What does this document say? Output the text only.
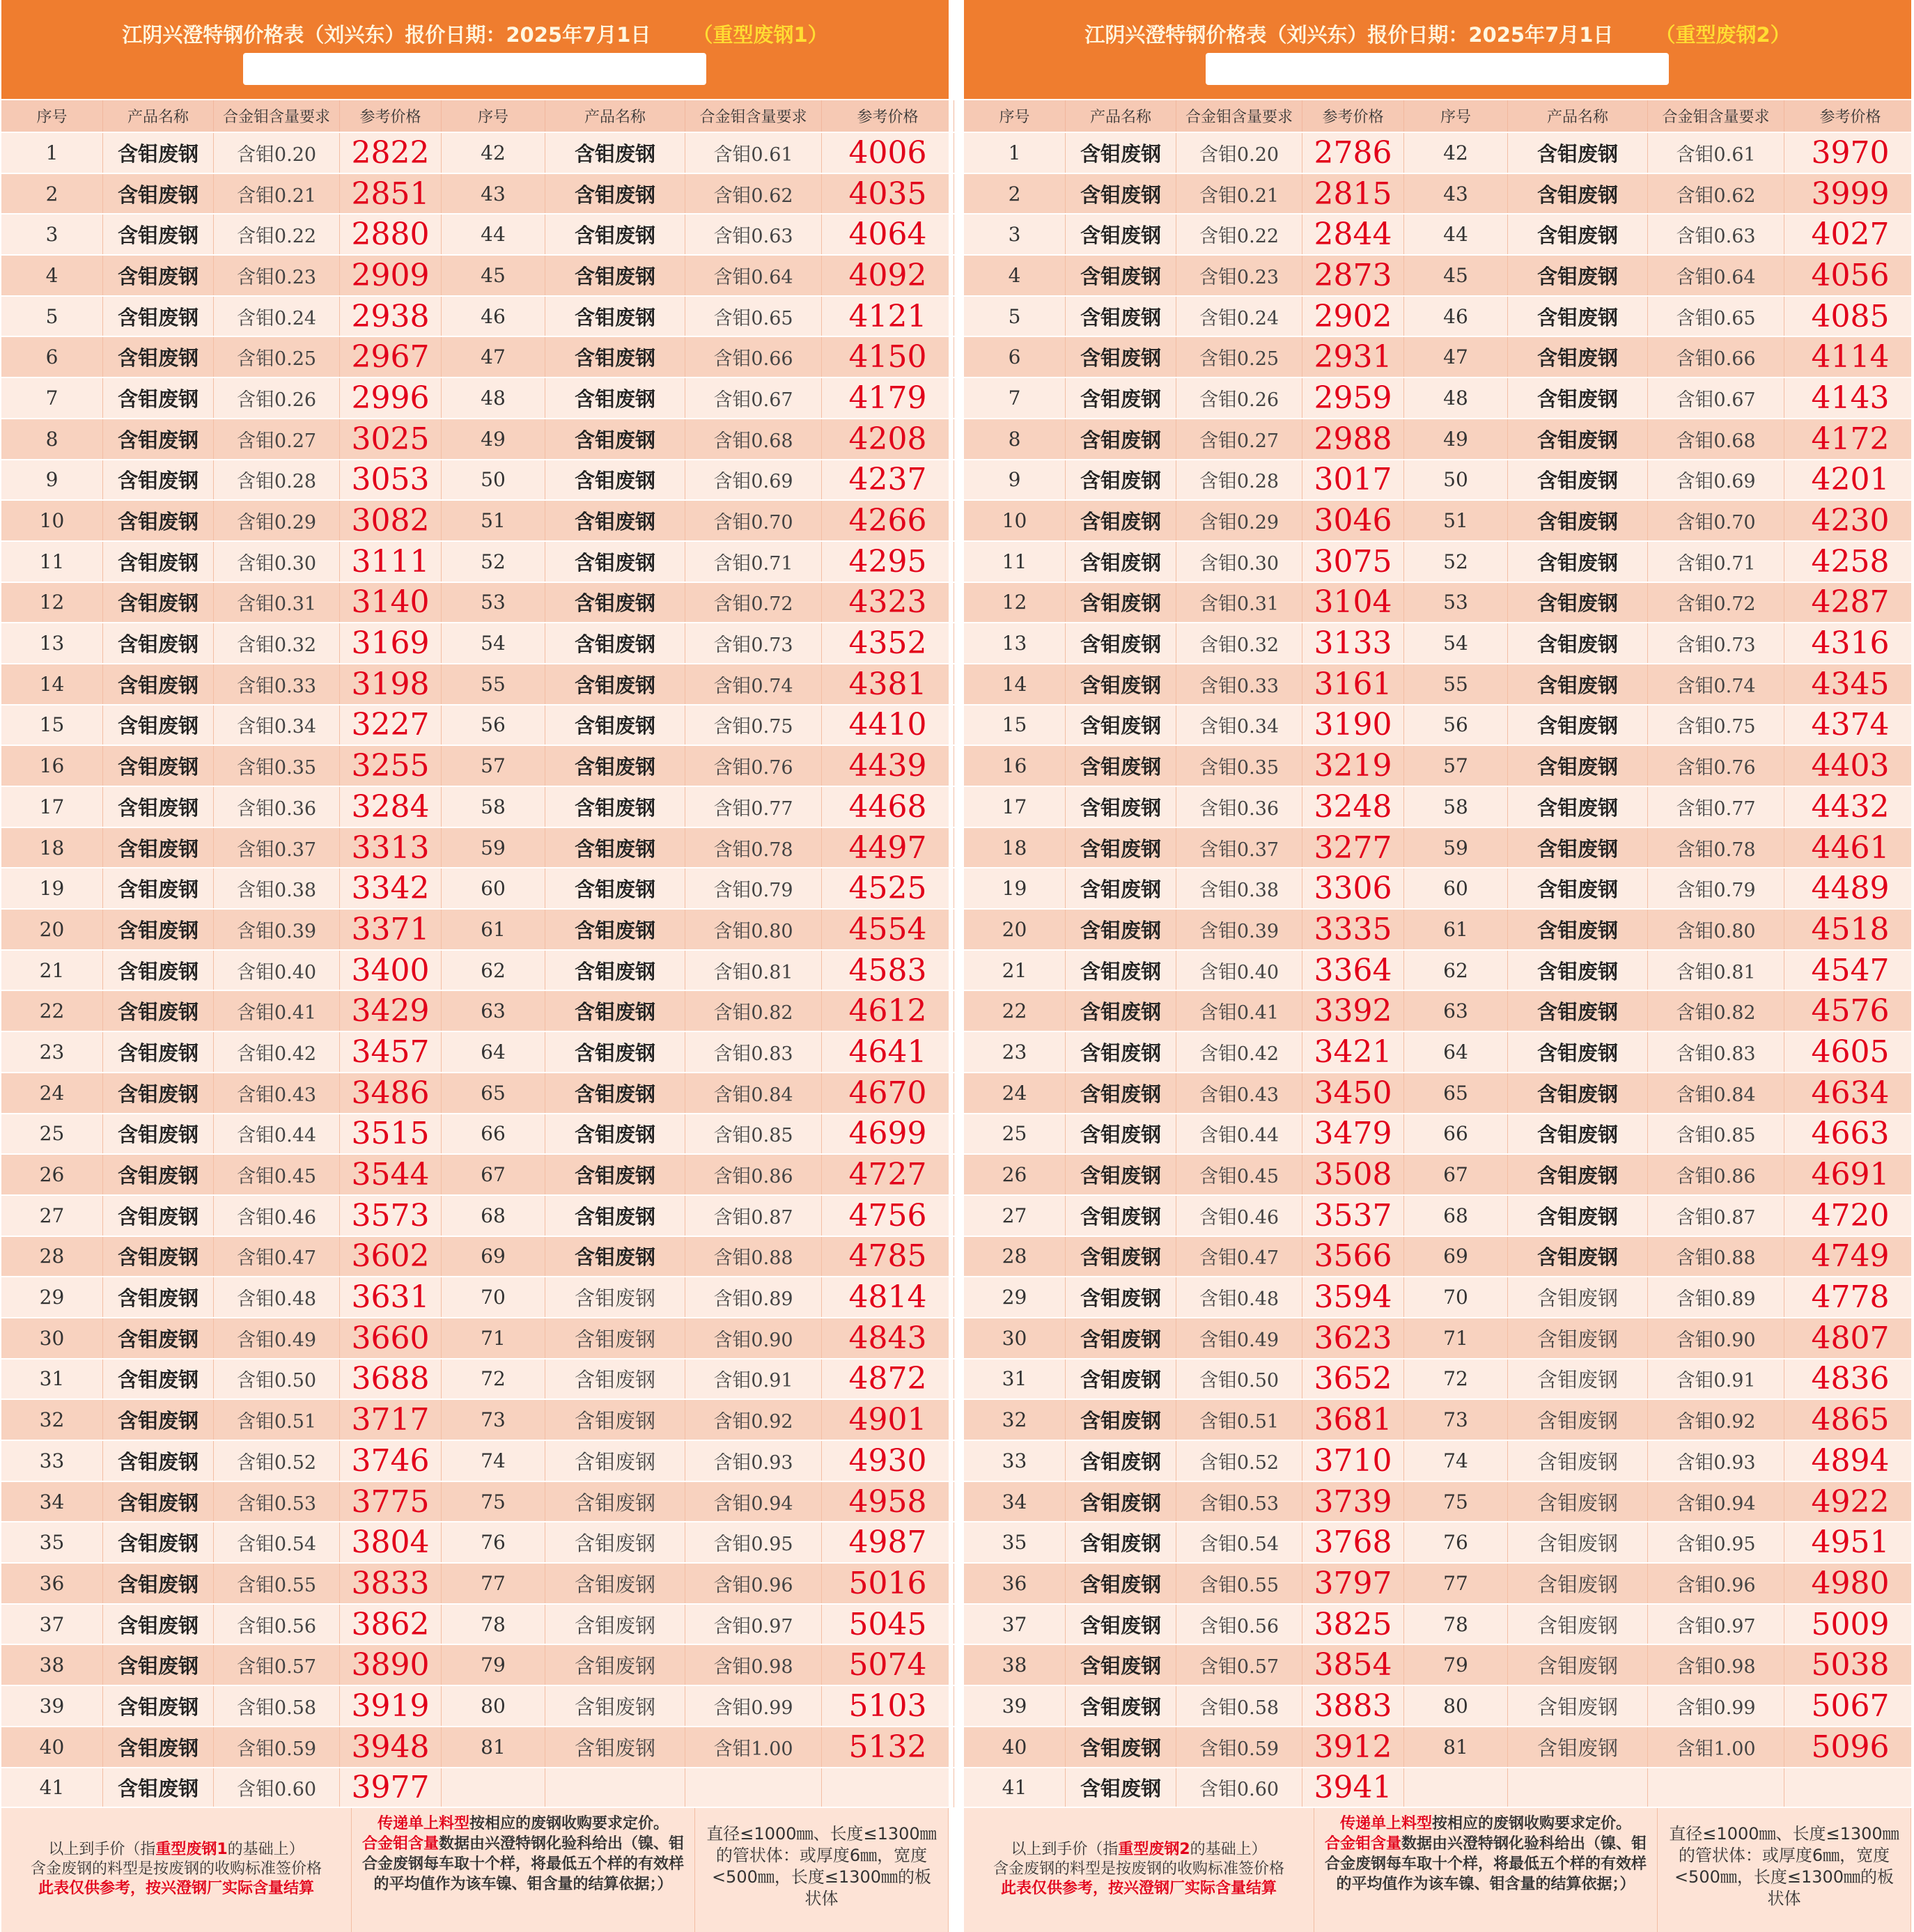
江阴兴澄特钢价格表（刘兴东）报价日期：2025年7月1日 （重型废钢1）
序号	产品名称	合金钼含量要求	参考价格	序号	产品名称	合金钼含量要求	参考价格
1	含钼废钢	含钼0.20	2822	42	含钼废钢	含钼0.61	4006
2	含钼废钢	含钼0.21	2851	43	含钼废钢	含钼0.62	4035
3	含钼废钢	含钼0.22	2880	44	含钼废钢	含钼0.63	4064
4	含钼废钢	含钼0.23	2909	45	含钼废钢	含钼0.64	4092
5	含钼废钢	含钼0.24	2938	46	含钼废钢	含钼0.65	4121
6	含钼废钢	含钼0.25	2967	47	含钼废钢	含钼0.66	4150
7	含钼废钢	含钼0.26	2996	48	含钼废钢	含钼0.67	4179
8	含钼废钢	含钼0.27	3025	49	含钼废钢	含钼0.68	4208
9	含钼废钢	含钼0.28	3053	50	含钼废钢	含钼0.69	4237
10	含钼废钢	含钼0.29	3082	51	含钼废钢	含钼0.70	4266
11	含钼废钢	含钼0.30	3111	52	含钼废钢	含钼0.71	4295
12	含钼废钢	含钼0.31	3140	53	含钼废钢	含钼0.72	4323
13	含钼废钢	含钼0.32	3169	54	含钼废钢	含钼0.73	4352
14	含钼废钢	含钼0.33	3198	55	含钼废钢	含钼0.74	4381
15	含钼废钢	含钼0.34	3227	56	含钼废钢	含钼0.75	4410
16	含钼废钢	含钼0.35	3255	57	含钼废钢	含钼0.76	4439
17	含钼废钢	含钼0.36	3284	58	含钼废钢	含钼0.77	4468
18	含钼废钢	含钼0.37	3313	59	含钼废钢	含钼0.78	4497
19	含钼废钢	含钼0.38	3342	60	含钼废钢	含钼0.79	4525
20	含钼废钢	含钼0.39	3371	61	含钼废钢	含钼0.80	4554
21	含钼废钢	含钼0.40	3400	62	含钼废钢	含钼0.81	4583
22	含钼废钢	含钼0.41	3429	63	含钼废钢	含钼0.82	4612
23	含钼废钢	含钼0.42	3457	64	含钼废钢	含钼0.83	4641
24	含钼废钢	含钼0.43	3486	65	含钼废钢	含钼0.84	4670
25	含钼废钢	含钼0.44	3515	66	含钼废钢	含钼0.85	4699
26	含钼废钢	含钼0.45	3544	67	含钼废钢	含钼0.86	4727
27	含钼废钢	含钼0.46	3573	68	含钼废钢	含钼0.87	4756
28	含钼废钢	含钼0.47	3602	69	含钼废钢	含钼0.88	4785
29	含钼废钢	含钼0.48	3631	70	含钼废钢	含钼0.89	4814
30	含钼废钢	含钼0.49	3660	71	含钼废钢	含钼0.90	4843
31	含钼废钢	含钼0.50	3688	72	含钼废钢	含钼0.91	4872
32	含钼废钢	含钼0.51	3717	73	含钼废钢	含钼0.92	4901
33	含钼废钢	含钼0.52	3746	74	含钼废钢	含钼0.93	4930
34	含钼废钢	含钼0.53	3775	75	含钼废钢	含钼0.94	4958
35	含钼废钢	含钼0.54	3804	76	含钼废钢	含钼0.95	4987
36	含钼废钢	含钼0.55	3833	77	含钼废钢	含钼0.96	5016
37	含钼废钢	含钼0.56	3862	78	含钼废钢	含钼0.97	5045
38	含钼废钢	含钼0.57	3890	79	含钼废钢	含钼0.98	5074
39	含钼废钢	含钼0.58	3919	80	含钼废钢	含钼0.99	5103
40	含钼废钢	含钼0.59	3948	81	含钼废钢	含钼1.00	5132
41	含钼废钢	含钼0.60	3977
以上到手价（指重型废钢1的基础上）
含金废钢的料型是按废钢的收购标准签价格
此表仅供参考，按兴澄钢厂实际含量结算
传递单上料型按相应的废钢收购要求定价。
合金钼含量数据由兴澄特钢化验科给出（镍、钼合金废钢每车取十个样，将最低五个样的有效样的平均值作为该车镍、钼含量的结算依据；）
直径≤1000㎜、长度≤1300㎜的管状体：或厚度6㎜，宽度<500㎜，长度≤1300㎜的板状体
江阴兴澄特钢价格表（刘兴东）报价日期：2025年7月1日 （重型废钢2）
序号	产品名称	合金钼含量要求	参考价格	序号	产品名称	合金钼含量要求	参考价格
1	含钼废钢	含钼0.20	2786	42	含钼废钢	含钼0.61	3970
2	含钼废钢	含钼0.21	2815	43	含钼废钢	含钼0.62	3999
3	含钼废钢	含钼0.22	2844	44	含钼废钢	含钼0.63	4027
4	含钼废钢	含钼0.23	2873	45	含钼废钢	含钼0.64	4056
5	含钼废钢	含钼0.24	2902	46	含钼废钢	含钼0.65	4085
6	含钼废钢	含钼0.25	2931	47	含钼废钢	含钼0.66	4114
7	含钼废钢	含钼0.26	2959	48	含钼废钢	含钼0.67	4143
8	含钼废钢	含钼0.27	2988	49	含钼废钢	含钼0.68	4172
9	含钼废钢	含钼0.28	3017	50	含钼废钢	含钼0.69	4201
10	含钼废钢	含钼0.29	3046	51	含钼废钢	含钼0.70	4230
11	含钼废钢	含钼0.30	3075	52	含钼废钢	含钼0.71	4258
12	含钼废钢	含钼0.31	3104	53	含钼废钢	含钼0.72	4287
13	含钼废钢	含钼0.32	3133	54	含钼废钢	含钼0.73	4316
14	含钼废钢	含钼0.33	3161	55	含钼废钢	含钼0.74	4345
15	含钼废钢	含钼0.34	3190	56	含钼废钢	含钼0.75	4374
16	含钼废钢	含钼0.35	3219	57	含钼废钢	含钼0.76	4403
17	含钼废钢	含钼0.36	3248	58	含钼废钢	含钼0.77	4432
18	含钼废钢	含钼0.37	3277	59	含钼废钢	含钼0.78	4461
19	含钼废钢	含钼0.38	3306	60	含钼废钢	含钼0.79	4489
20	含钼废钢	含钼0.39	3335	61	含钼废钢	含钼0.80	4518
21	含钼废钢	含钼0.40	3364	62	含钼废钢	含钼0.81	4547
22	含钼废钢	含钼0.41	3392	63	含钼废钢	含钼0.82	4576
23	含钼废钢	含钼0.42	3421	64	含钼废钢	含钼0.83	4605
24	含钼废钢	含钼0.43	3450	65	含钼废钢	含钼0.84	4634
25	含钼废钢	含钼0.44	3479	66	含钼废钢	含钼0.85	4663
26	含钼废钢	含钼0.45	3508	67	含钼废钢	含钼0.86	4691
27	含钼废钢	含钼0.46	3537	68	含钼废钢	含钼0.87	4720
28	含钼废钢	含钼0.47	3566	69	含钼废钢	含钼0.88	4749
29	含钼废钢	含钼0.48	3594	70	含钼废钢	含钼0.89	4778
30	含钼废钢	含钼0.49	3623	71	含钼废钢	含钼0.90	4807
31	含钼废钢	含钼0.50	3652	72	含钼废钢	含钼0.91	4836
32	含钼废钢	含钼0.51	3681	73	含钼废钢	含钼0.92	4865
33	含钼废钢	含钼0.52	3710	74	含钼废钢	含钼0.93	4894
34	含钼废钢	含钼0.53	3739	75	含钼废钢	含钼0.94	4922
35	含钼废钢	含钼0.54	3768	76	含钼废钢	含钼0.95	4951
36	含钼废钢	含钼0.55	3797	77	含钼废钢	含钼0.96	4980
37	含钼废钢	含钼0.56	3825	78	含钼废钢	含钼0.97	5009
38	含钼废钢	含钼0.57	3854	79	含钼废钢	含钼0.98	5038
39	含钼废钢	含钼0.58	3883	80	含钼废钢	含钼0.99	5067
40	含钼废钢	含钼0.59	3912	81	含钼废钢	含钼1.00	5096
41	含钼废钢	含钼0.60	3941
以上到手价（指重型废钢2的基础上）
含金废钢的料型是按废钢的收购标准签价格
此表仅供参考，按兴澄钢厂实际含量结算
传递单上料型按相应的废钢收购要求定价。
合金钼含量数据由兴澄特钢化验科给出（镍、钼合金废钢每车取十个样，将最低五个样的有效样的平均值作为该车镍、钼含量的结算依据；）
直径≤1000㎜、长度≤1300㎜的管状体：或厚度6㎜，宽度<500㎜，长度≤1300㎜的板状体
